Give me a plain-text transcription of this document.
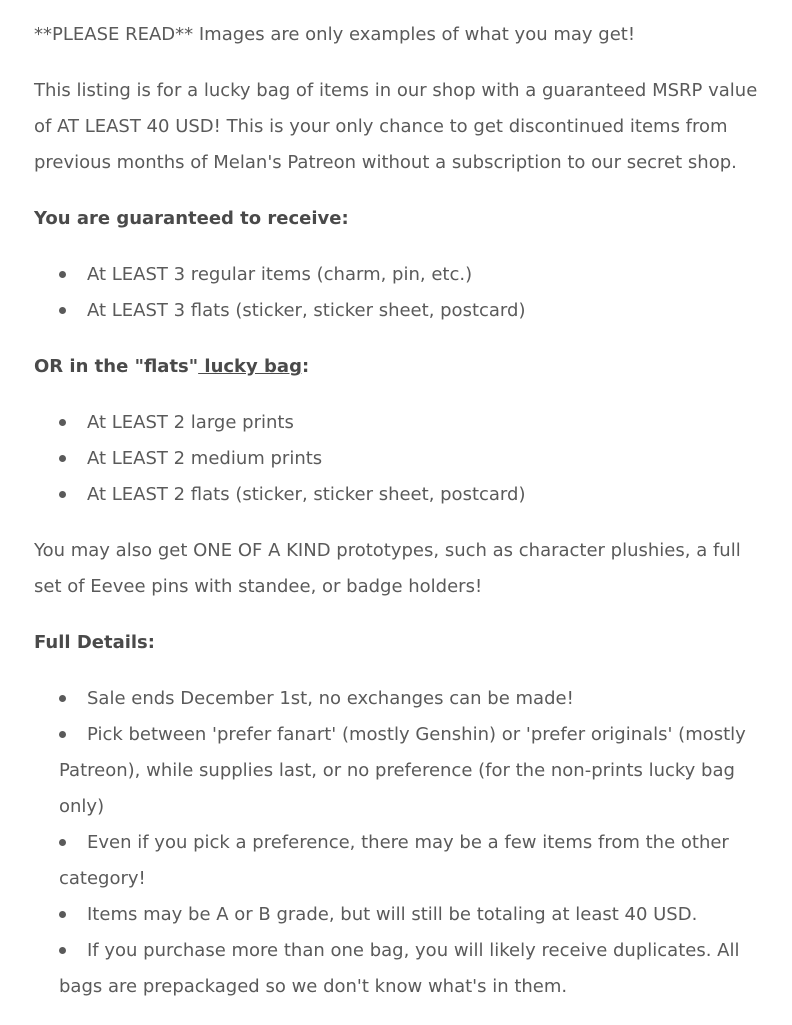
**PLEASE READ** Images are only examples of what you may get!

This listing is for a lucky bag of items in our shop with a guaranteed MSRP value of AT LEAST 40 USD! This is your only chance to get discontinued items from previous months of Melan's Patreon without a subscription to our secret shop.

You are guaranteed to receive:

At LEAST 3 regular items (charm, pin, etc.)
At LEAST 3 flats (sticker, sticker sheet, postcard)

OR in the "flats" lucky bag:

At LEAST 2 large prints
At LEAST 2 medium prints
At LEAST 2 flats (sticker, sticker sheet, postcard)

You may also get ONE OF A KIND prototypes, such as character plushies, a full set of Eevee pins with standee, or badge holders!

Full Details:

Sale ends December 1st, no exchanges can be made!
Pick between 'prefer fanart' (mostly Genshin) or 'prefer originals' (mostly Patreon), while supplies last, or no preference (for the non-prints lucky bag only)
Even if you pick a preference, there may be a few items from the other category!
Items may be A or B grade, but will still be totaling at least 40 USD.
If you purchase more than one bag, you will likely receive duplicates. All bags are prepackaged so we don't know what's in them.
